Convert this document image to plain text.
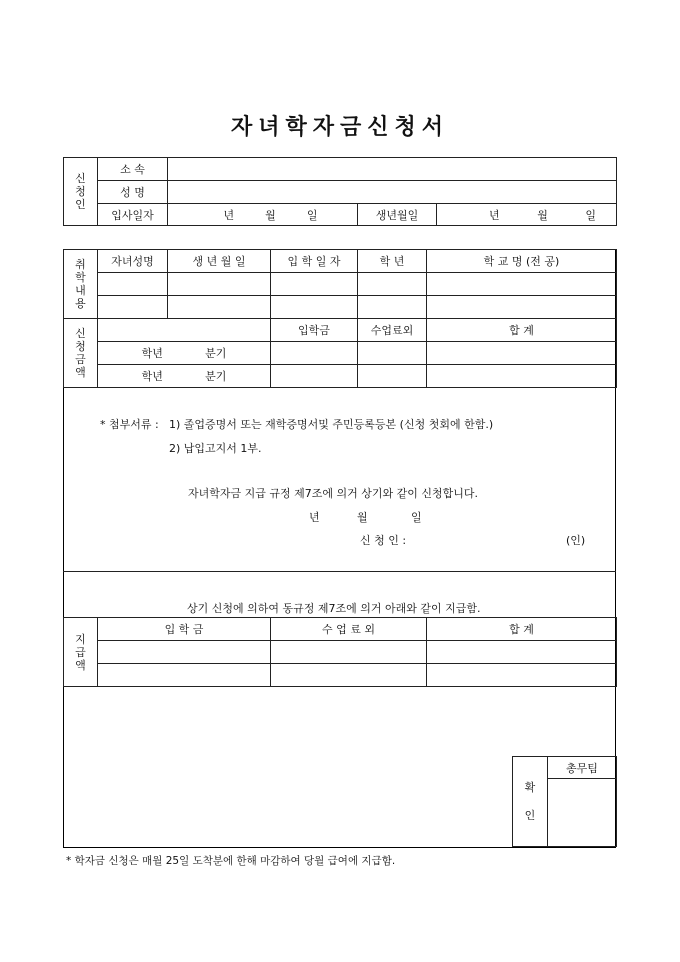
자녀학자금신청서
신
청
인	소 속			
	성 명			
	입사일자	년 월 일	생년월일	년 월 일
취
학
내
용	자녀성명	생 년 월 일	입 학 일 자	학 년	학 교 명 (전 공)

신
청
금
액			입학금	수업료외	합 계
	학년 분기				
	학년 분기				
* 첨부서류 : 1) 졸업증명서 또는 재학증명서및 주민등록등본 (신청 첫회에 한함.)
2) 납입고지서 1부.
자녀학자금 지급 규정 제7조에 의거 상기와 같이 신청합니다.
년	월	일
신 청 인 :	(인)
상기 신청에 의하여 동규정 제7조에 의거 아래와 같이 지급함.
지
급
액	입 학 금	수 업 료 외	합 계

확
인
	총무팀

* 학자금 신청은 매월 25일 도착분에 한해 마감하여 당월 급여에 지급함.
